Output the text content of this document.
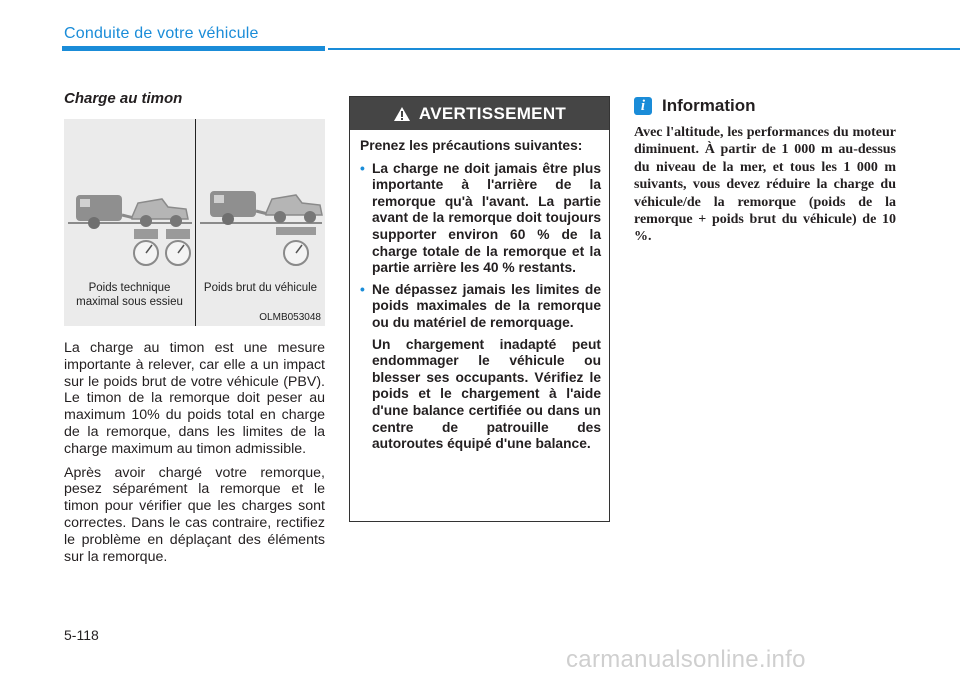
Conduite de votre véhicule
Charge au timon
Poids technique
maximal sous essieu
Poids brut du véhicule
OLMB053048

La charge au timon est une mesure importante à relever, car elle a un impact sur le poids brut de votre véhicule (PBV). Le timon de la remorque doit peser au maximum 10% du poids total en charge de la remorque, dans les limites de la charge maximum au timon admissible.

Après avoir chargé votre remorque, pesez séparément la remorque et le timon pour vérifier que les charges sont correctes. Dans le cas contraire, rectifiez le problème en déplaçant des éléments sur la remorque.

AVERTISSEMENT

Prenez les précautions suivantes:

• La charge ne doit jamais être plus importante à l'arrière de la remorque qu'à l'avant. La partie avant de la remorque doit toujours supporter environ 60 % de la charge totale de la remorque et la partie arrière les 40 % restants.
• Ne dépassez jamais les limites de poids maximales de la remorque ou du matériel de remorquage.

Un chargement inadapté peut endommager le véhicule ou blesser ses occupants. Vérifiez le poids et le chargement à l'aide d'une balance certifiée ou dans un centre de patrouille des autoroutes équipé d'une balance.

i Information

Avec l'altitude, les performances du moteur diminuent. À partir de 1 000 m au-dessus du niveau de la mer, et tous les 1 000 m suivants, vous devez réduire la charge du véhicule/de la remorque (poids de la remorque + poids brut du véhicule) de 10 %.

5-118
carmanualsonline.info
